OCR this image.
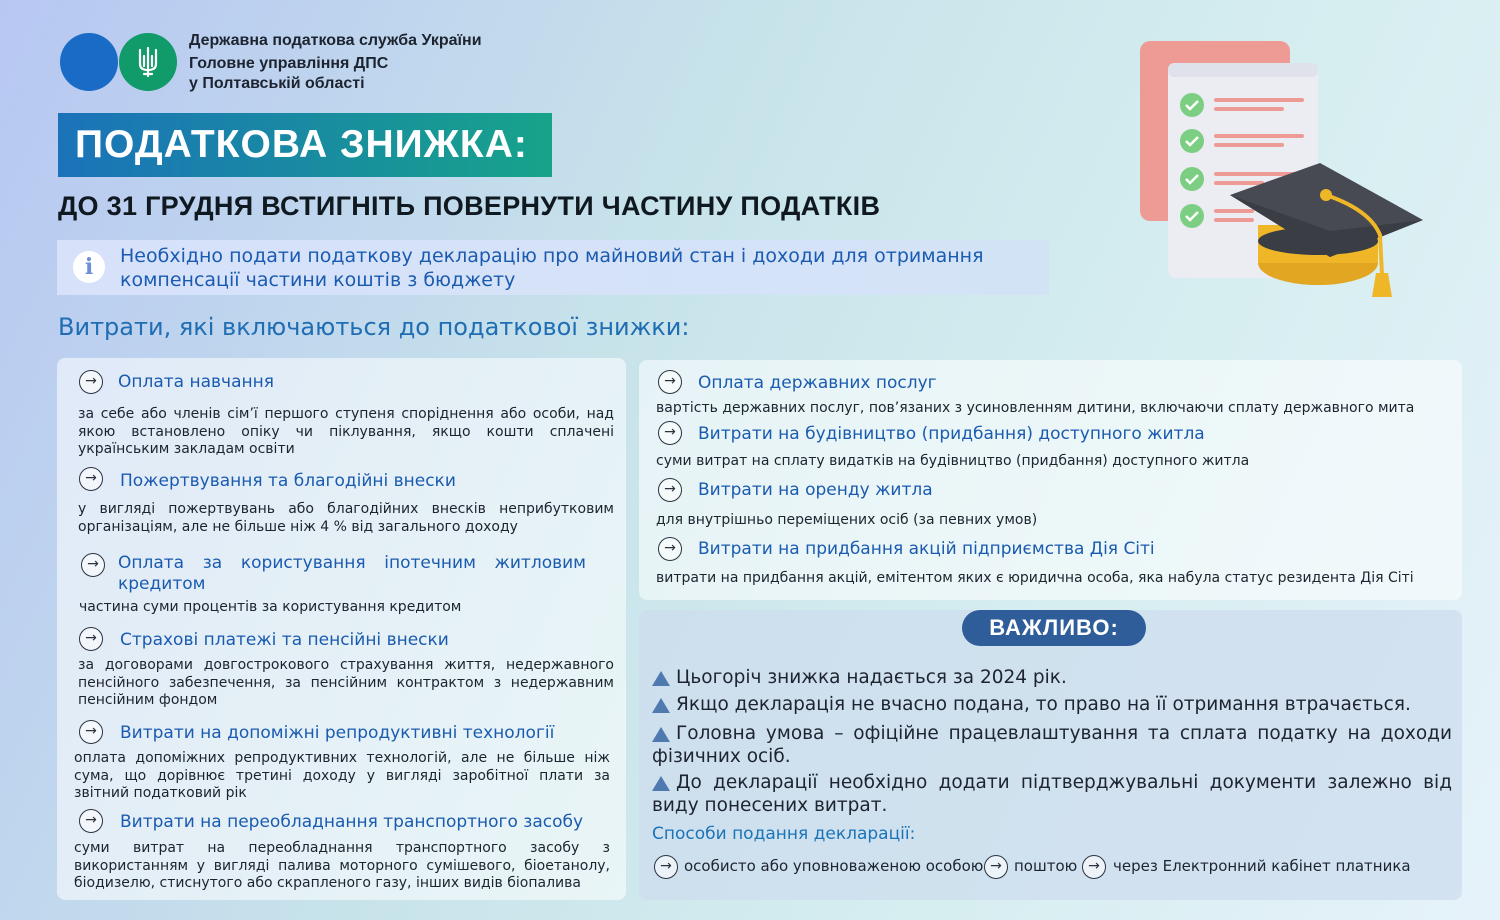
Державна податкова служба України
Головне управління ДПС
у Полтавській області
ПОДАТКОВА ЗНИЖКА:
ДО 31 ГРУДНЯ ВСТИГНІТЬ ПОВЕРНУТИ ЧАСТИНУ ПОДАТКІВ
i	Необхідно подати податкову декларацію про майновий стан і доходи для отримання компенсації частини коштів з бюджету
Витрати, які включаються до податкової знижки:
→	Оплата навчання
за себе або членів сім’ї першого ступеня споріднення або особи, над якою встановлено опіку чи піклування, якщо кошти сплачені українським закладам освіти
→	Пожертвування та благодійні внески
у вигляді пожертвувань або благодійних внесків неприбутковим організаціям, але не більше ніж 4 % від загального доходу
→	Оплата за користування іпотечним житловим
кредитом
частина суми процентів за користування кредитом
→	Страхові платежі та пенсійні внески
за договорами довгострокового страхування життя, недержавного пенсійного забезпечення, за пенсійним контрактом з недержавним пенсійним фондом
→	Витрати на допоміжні репродуктивні технології
оплата допоміжних репродуктивних технологій, але не більше ніж сума, що дорівнює третині доходу у вигляді заробітної плати за звітний податковий рік
→	Витрати на переобладнання транспортного засобу
суми витрат на переобладнання транспортного засобу з використанням у вигляді палива моторного сумішевого, біоетанолу, біодизелю, стиснутого або скрапленого газу, інших видів біопалива
→	Оплата державних послуг
вартість державних послуг, пов’язаних з усиновленням дитини, включаючи сплату державного мита
→	Витрати на будівництво (придбання) доступного житла
суми витрат на сплату видатків на будівництво (придбання) доступного житла
→	Витрати на оренду житла
для внутрішньо переміщених осіб (за певних умов)
→	Витрати на придбання акцій підприємства Дія Сіті
витрати на придбання акцій, емітентом яких є юридична особа, яка набула статус резидента Дія Сіті
ВАЖЛИВО:
Цьогоріч знижка надається за 2024 рік.
Якщо декларація не вчасно подана, то право на її отримання втрачається.
Головна умова – офіційне працевлаштування та сплата податку на доходи фізичних осіб.
До декларації необхідно додати підтверджувальні документи залежно від виду понесених витрат.
Способи подання декларації:
→ особисто або уповноваженою особою → поштою → через Електронний кабінет платника
